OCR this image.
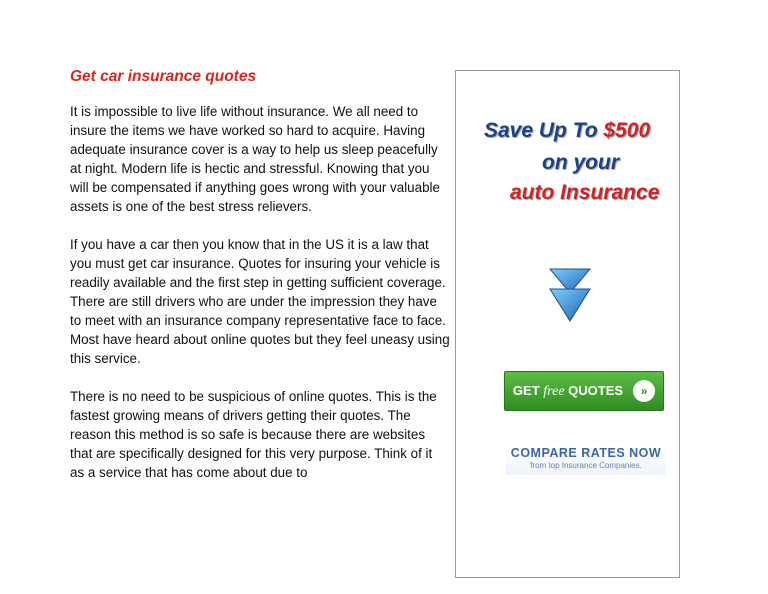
Get car insurance quotes

It is impossible to live life without insurance. We all need to insure the items we have worked so hard to acquire. Having adequate insurance cover is a way to help us sleep peacefully at night. Modern life is hectic and stressful. Knowing that you will be compensated if anything goes wrong with your valuable assets is one of the best stress relievers.

If you have a car then you know that in the US it is a law that you must get car insurance. Quotes for insuring your vehicle is readily available and the first step in getting sufficient coverage. There are still drivers who are under the impression they have to meet with an insurance company representative face to face. Most have heard about online quotes but they feel uneasy using this service.

There is no need to be suspicious of online quotes. This is the fastest growing means of drivers getting their quotes. The reason this method is so safe is because there are websites that are specifically designed for this very purpose. Think of it as a service that has come about due to

Save Up To $500
on your
auto Insurance
GET free QUOTES	»
COMPARE RATES NOW
from top Insurance Companies.
